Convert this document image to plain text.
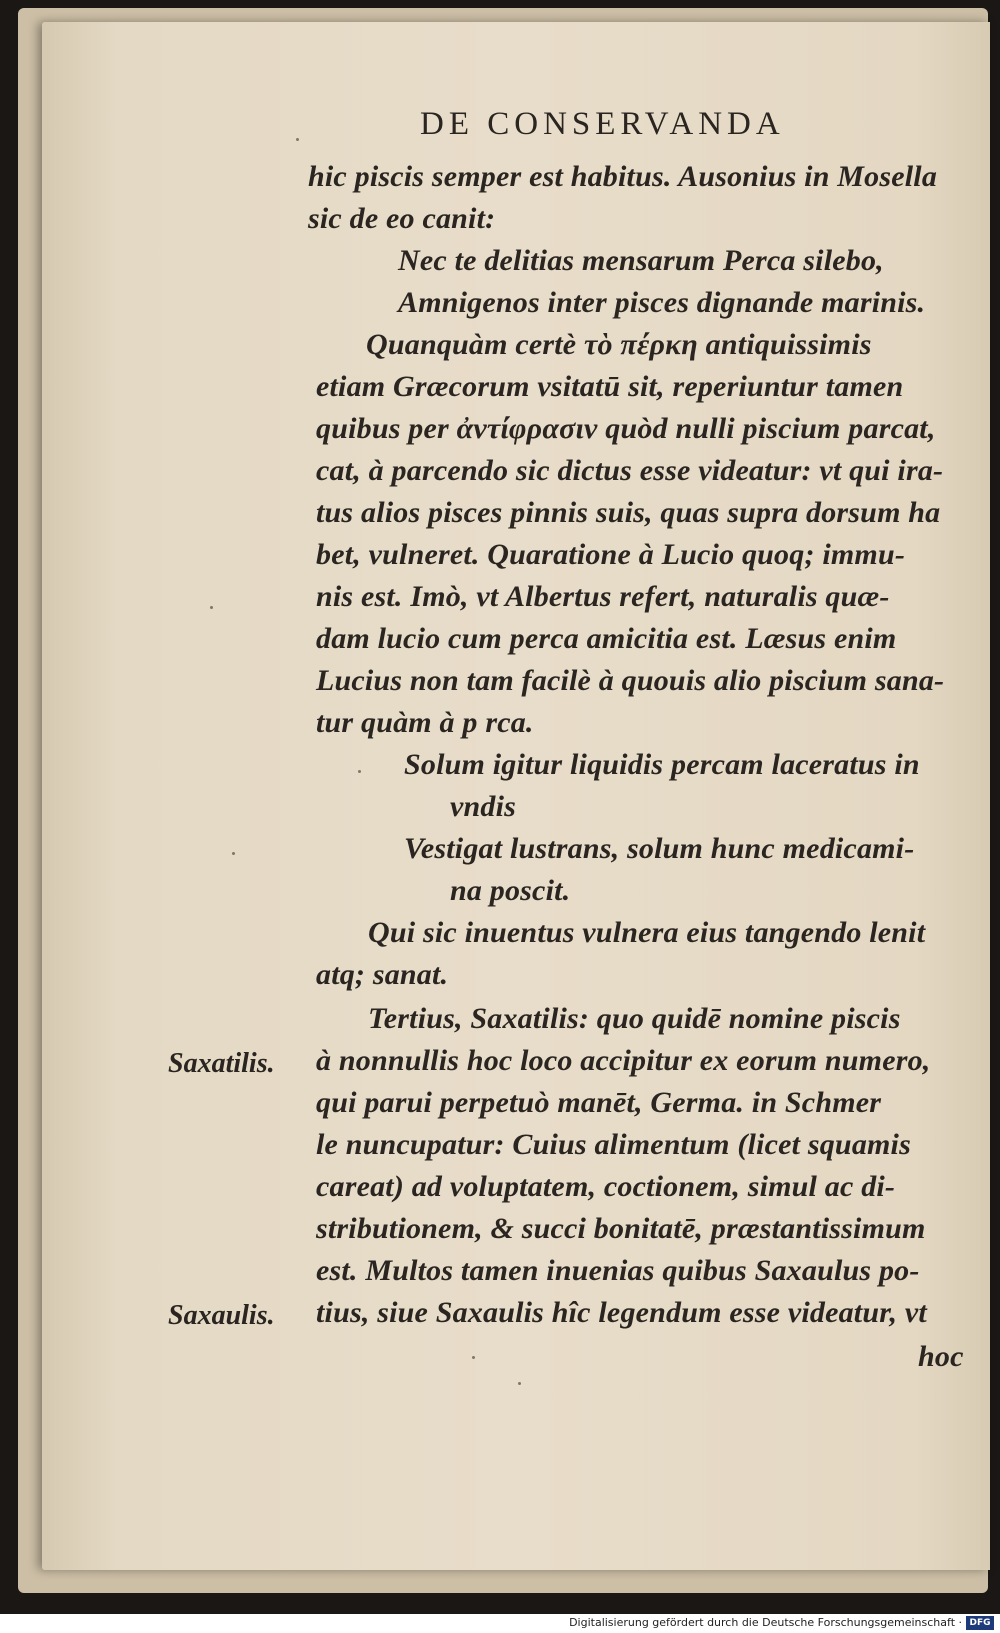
DE CONSERVANDA
hic piscis semper est habitus. Ausonius in Mosella
sic de eo canit:
Nec te delitias mensarum Perca silebo,
Amnigenos inter pisces dignande marinis.
Quanquàm certè τὸ πέρκη antiquissimis
etiam Græcorum vsitatū sit, reperiuntur tamen
quibus per ἀντίφρασιν quòd nulli piscium parcat,
cat, à parcendo sic dictus esse videatur: vt qui ira-
tus alios pisces pinnis suis, quas supra dorsum ha
bet, vulneret. Quaratione à Lucio quoq; immu-
nis est. Imò, vt Albertus refert, naturalis quæ-
dam lucio cum perca amicitia est. Læsus enim
Lucius non tam facilè à quouis alio piscium sana-
tur quàm à p rca.
Solum igitur liquidis percam laceratus in
vndis
Vestigat lustrans, solum hunc medicami-
na poscit.
Qui sic inuentus vulnera eius tangendo lenit
atq; sanat.
Tertius, Saxatilis: quo quidē nomine piscis
à nonnullis hoc loco accipitur ex eorum numero,
qui parui perpetuò manēt, Germa. in Schmer
le nuncupatur: Cuius alimentum (licet squamis
careat) ad voluptatem, coctionem, simul ac di-
stributionem, & succi bonitatē, præstantissimum
est. Multos tamen inuenias quibus Saxaulus po-
tius, siue Saxaulis hîc legendum esse videatur, vt
hoc
Saxatilis.
Saxaulis.
Digitalisierung gefördert durch die Deutsche Forschungsgemeinschaft · DFG
